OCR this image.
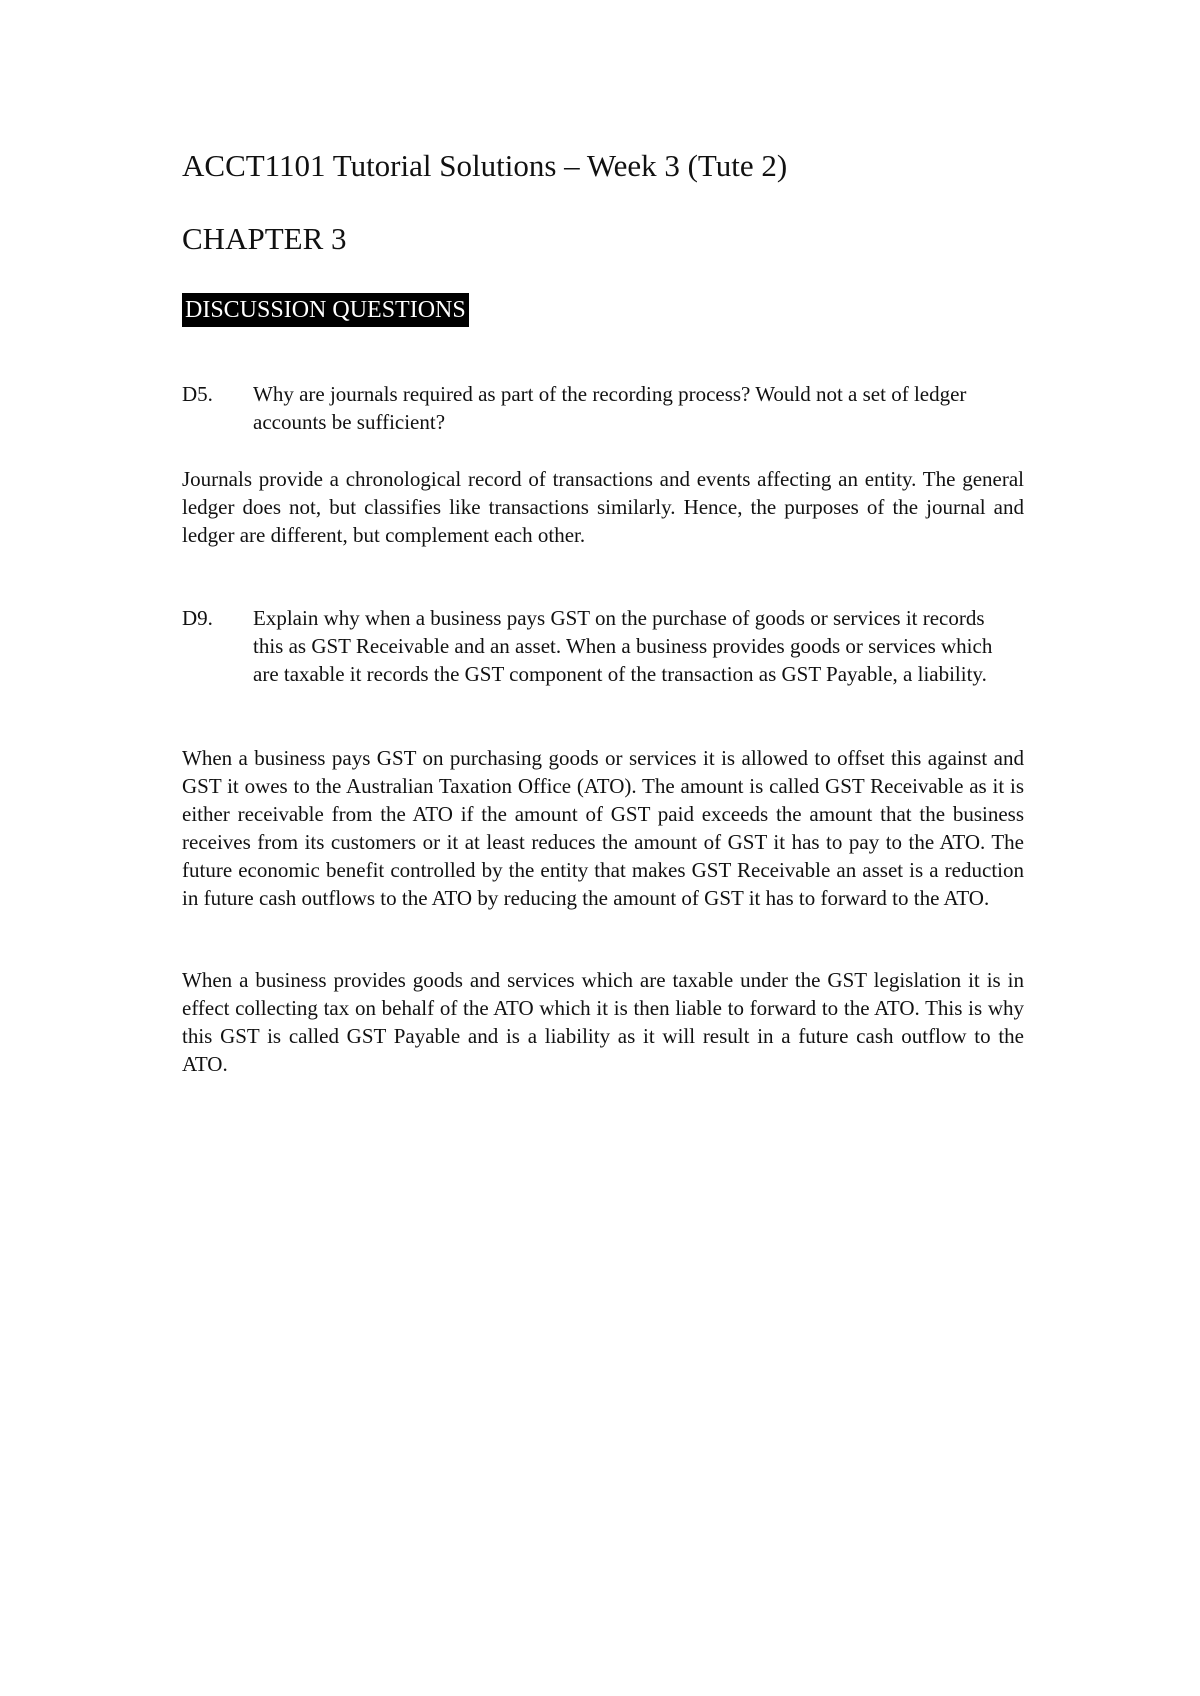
ACCT1101 Tutorial Solutions – Week 3 (Tute 2)
CHAPTER 3
DISCUSSION QUESTIONS
D5. Why are journals required as part of the recording process? Would not a set of ledger accounts be sufficient?
Journals provide a chronological record of transactions and events affecting an entity. The general ledger does not, but classifies like transactions similarly. Hence, the purposes of the journal and ledger are different, but complement each other.
D9. Explain why when a business pays GST on the purchase of goods or services it records this as GST Receivable and an asset. When a business provides goods or services which are taxable it records the GST component of the transaction as GST Payable, a liability.
When a business pays GST on purchasing goods or services it is allowed to offset this against and GST it owes to the Australian Taxation Office (ATO). The amount is called GST Receivable as it is either receivable from the ATO if the amount of GST paid exceeds the amount that the business receives from its customers or it at least reduces the amount of GST it has to pay to the ATO. The future economic benefit controlled by the entity that makes GST Receivable an asset is a reduction in future cash outflows to the ATO by reducing the amount of GST it has to forward to the ATO.
When a business provides goods and services which are taxable under the GST legislation it is in effect collecting tax on behalf of the ATO which it is then liable to forward to the ATO. This is why this GST is called GST Payable and is a liability as it will result in a future cash outflow to the ATO.
